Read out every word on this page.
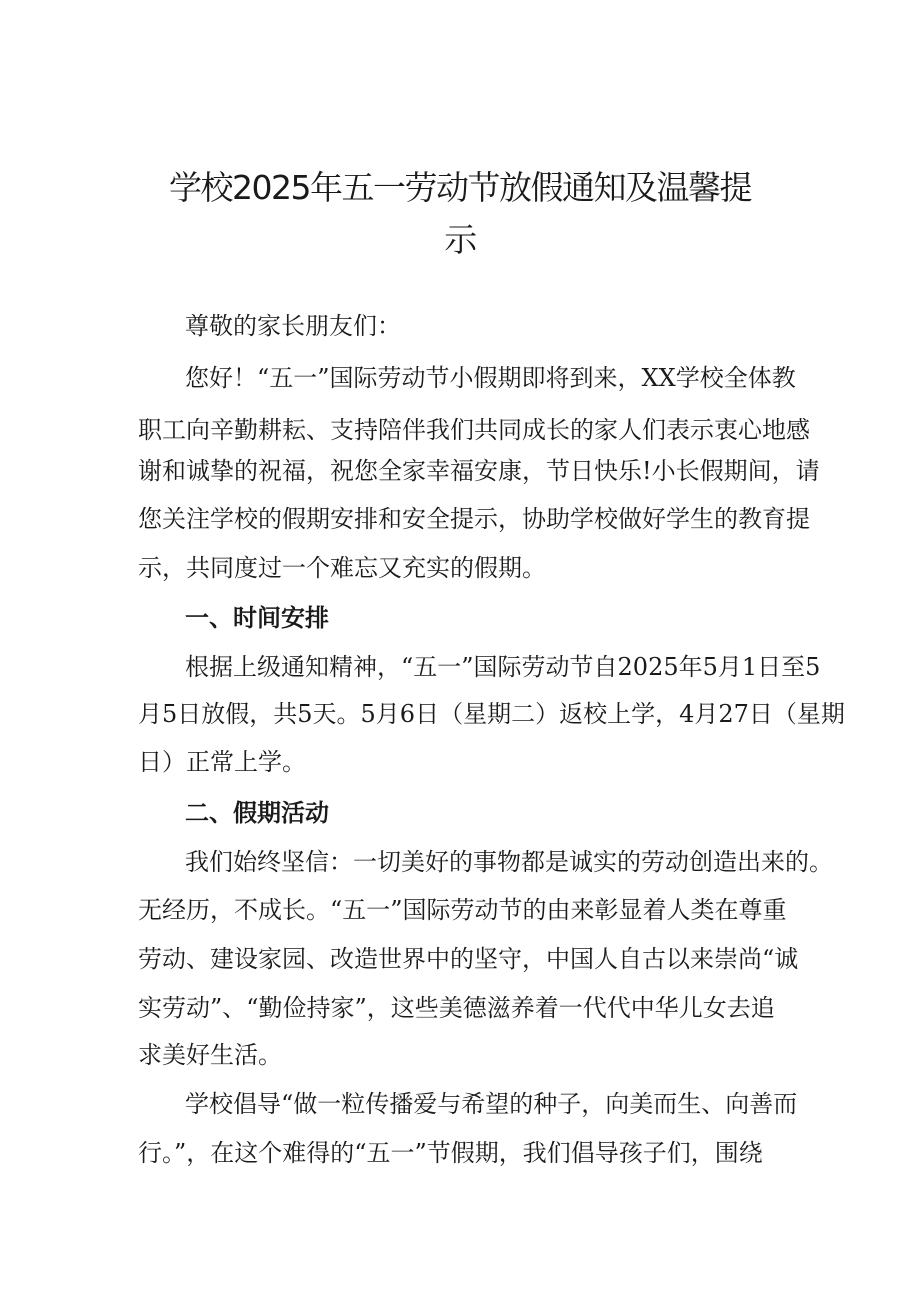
学校2025年五一劳动节放假通知及温馨提
示

尊敬的家长朋友们：

您好！“五一”国际劳动节小假期即将到来，XX学校全体教

职工向辛勤耕耘、支持陪伴我们共同成长的家人们表示衷心地感

谢和诚挚的祝福，祝您全家幸福安康，节日快乐!小长假期间，请

您关注学校的假期安排和安全提示，协助学校做好学生的教育提

示，共同度过一个难忘又充实的假期。

一、时间安排

根据上级通知精神，“五一”国际劳动节自2025年5月1日至5

月5日放假，共5天。5月6日（星期二）返校上学，4月27日（星期

日）正常上学。

二、假期活动

我们始终坚信：一切美好的事物都是诚实的劳动创造出来的。

无经历，不成长。“五一”国际劳动节的由来彰显着人类在尊重

劳动、建设家园、改造世界中的坚守，中国人自古以来崇尚“诚

实劳动”、“勤俭持家”，这些美德滋养着一代代中华儿女去追

求美好生活。

学校倡导“做一粒传播爱与希望的种子，向美而生、向善而

行。”，在这个难得的“五一”节假期，我们倡导孩子们，围绕
